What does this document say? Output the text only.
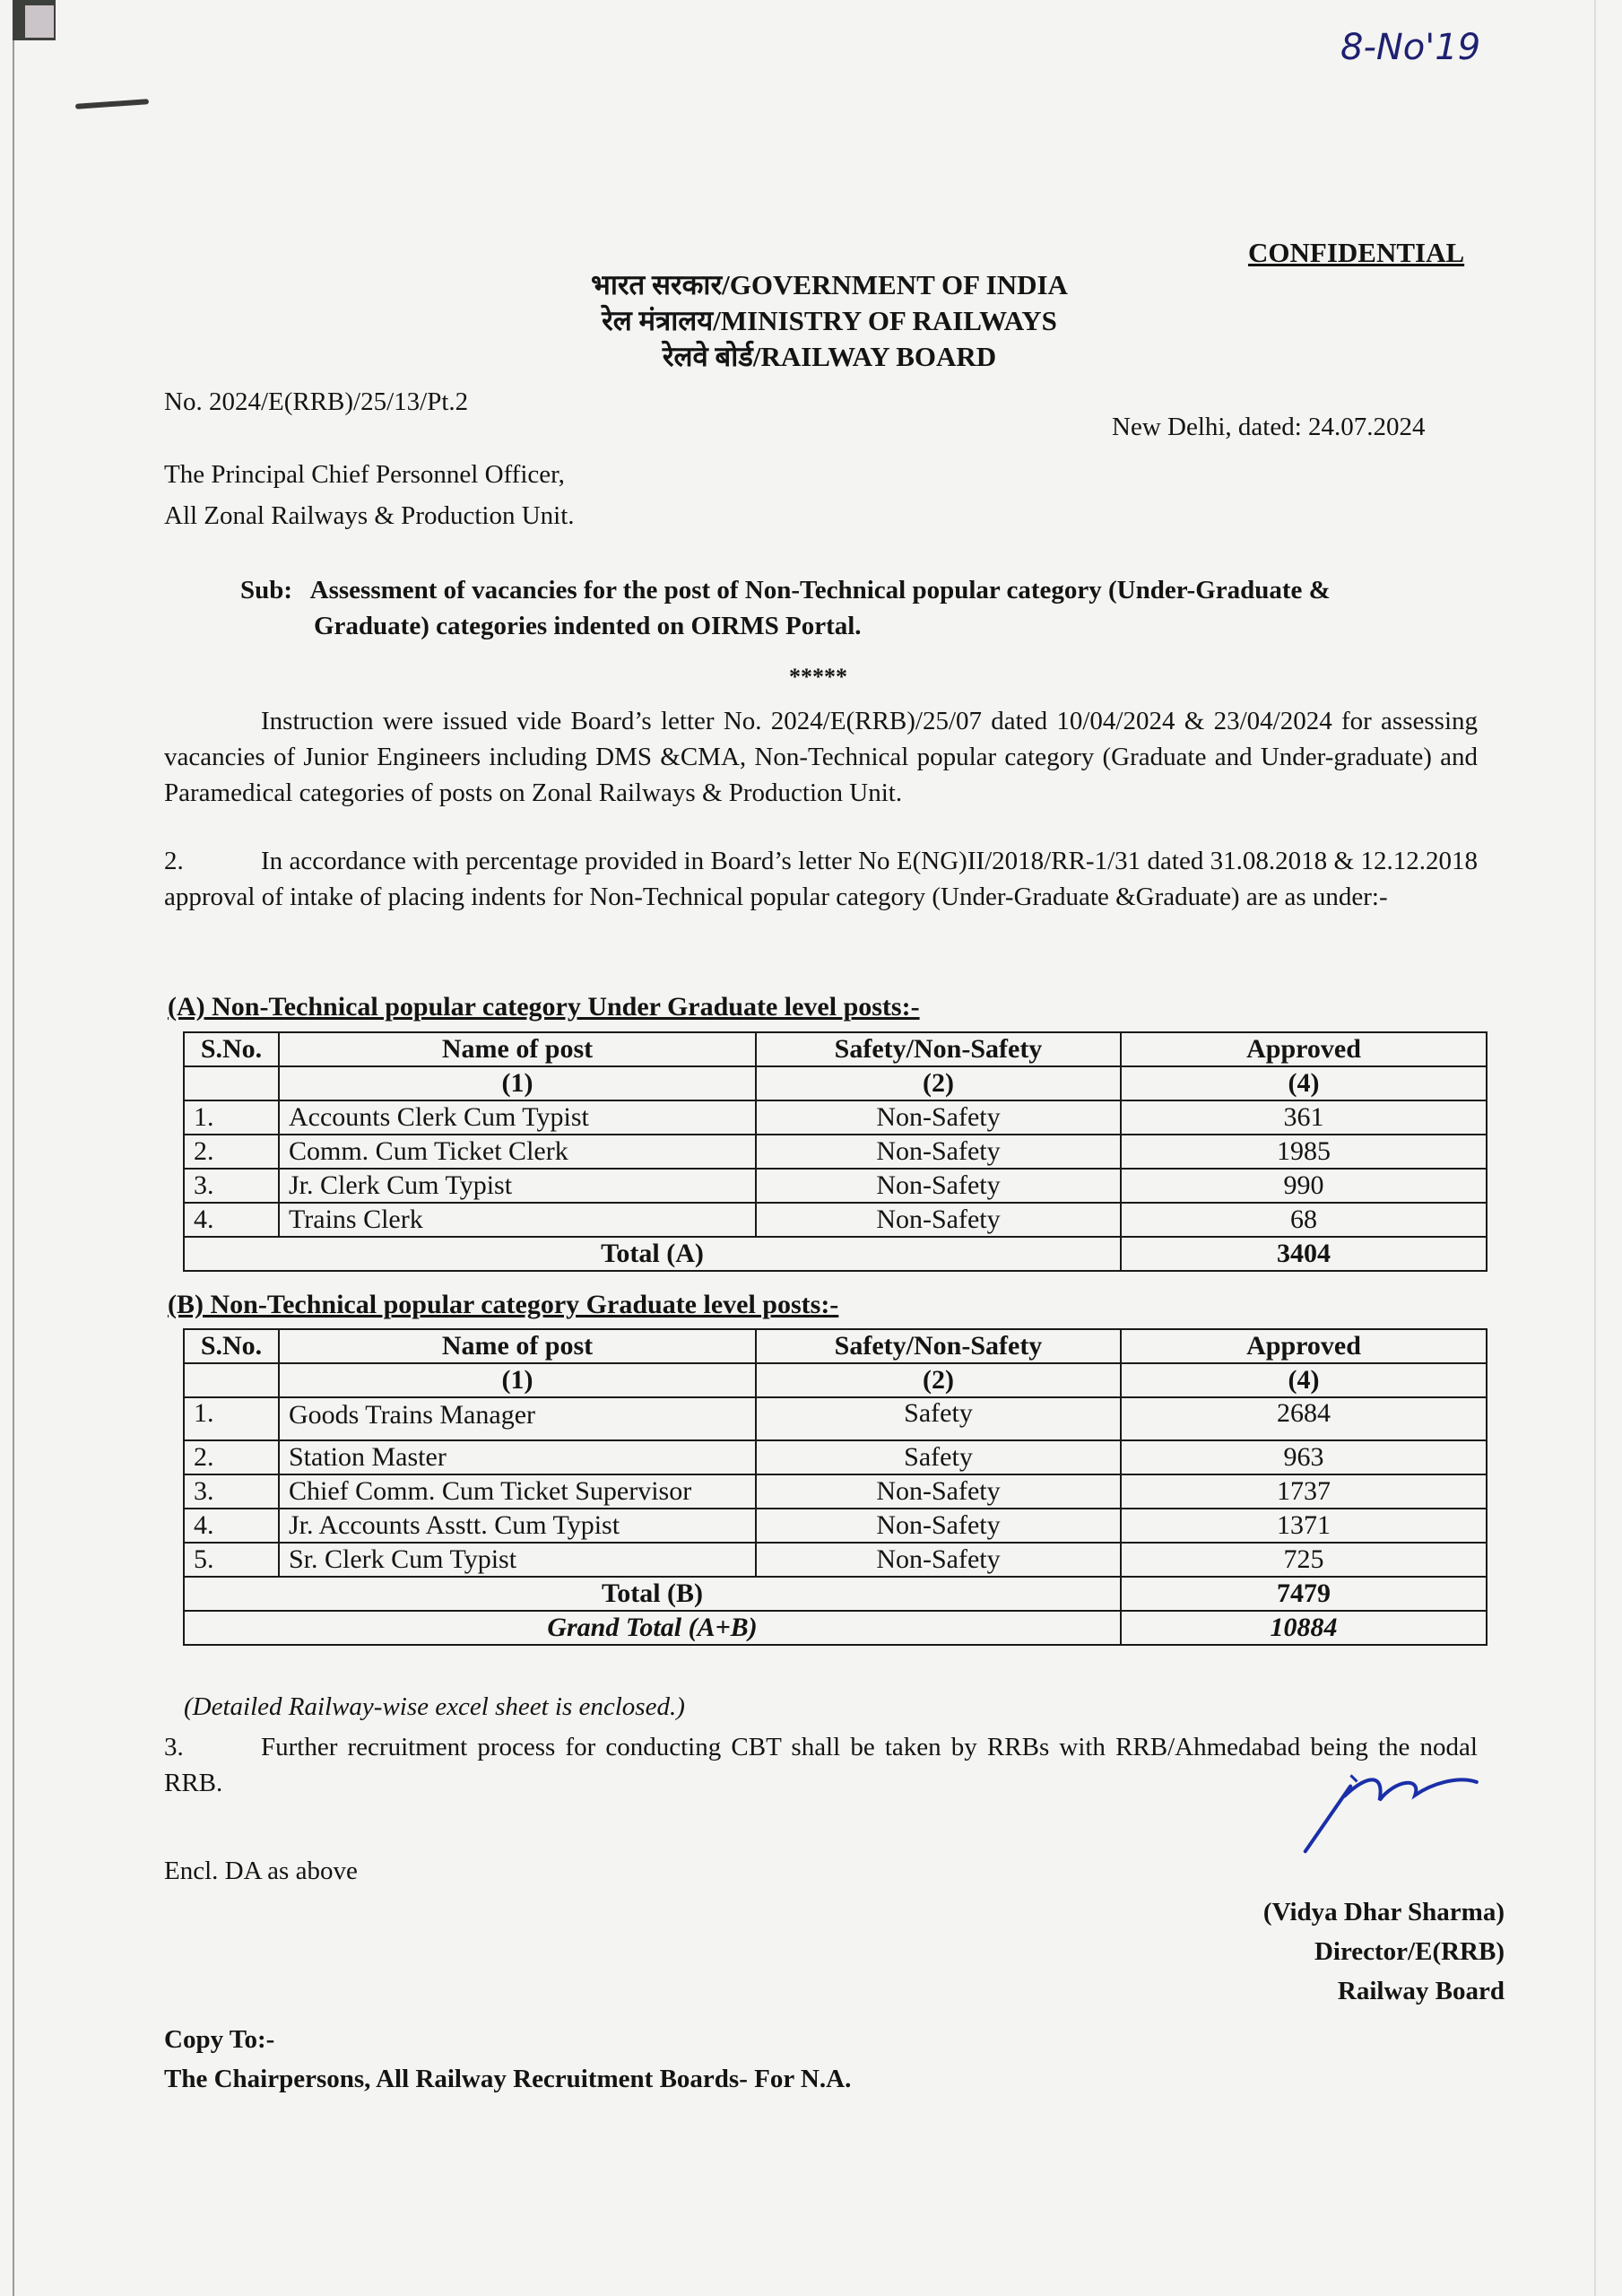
8-No'19
CONFIDENTIAL
भारत सरकार/GOVERNMENT OF INDIA
रेल मंत्रालय/MINISTRY OF RAILWAYS
रेलवे बोर्ड/RAILWAY BOARD
No. 2024/E(RRB)/25/13/Pt.2
New Delhi, dated: 24.07.2024
The Principal Chief Personnel Officer,
All Zonal Railways & Production Unit.
Sub: Assessment of vacancies for the post of Non-Technical popular category (Under-Graduate &
Graduate) categories indented on OIRMS Portal.
*****
Instruction were issued vide Board’s letter No. 2024/E(RRB)/25/07 dated 10/04/2024 & 23/04/2024 for assessing vacancies of Junior Engineers including DMS &CMA, Non-Technical popular category (Graduate and Under-graduate) and Paramedical categories of posts on Zonal Railways & Production Unit.
2.	In accordance with percentage provided in Board’s letter No E(NG)II/2018/RR-1/31 dated 31.08.2018 & 12.12.2018 approval of intake of placing indents for Non-Technical popular category (Under-Graduate &Graduate) are as under:-
(A) Non-Technical popular category Under Graduate level posts:-
S.No.	Name of post	Safety/Non-Safety	Approved
	(1)	(2)	(4)
1.	Accounts Clerk Cum Typist	Non-Safety	361
2.	Comm. Cum Ticket Clerk	Non-Safety	1985
3.	Jr. Clerk Cum Typist	Non-Safety	990
4.	Trains Clerk	Non-Safety	68
Total (A)			3404
(B) Non-Technical popular category Graduate level posts:-
S.No.	Name of post	Safety/Non-Safety	Approved
	(1)	(2)	(4)
1.	Goods Trains Manager	Safety	2684
2.	Station Master	Safety	963
3.	Chief Comm. Cum Ticket Supervisor	Non-Safety	1737
4.	Jr. Accounts Asstt. Cum Typist	Non-Safety	1371
5.	Sr. Clerk Cum Typist	Non-Safety	725
Total (B)			7479
Grand Total (A+B)			10884
(Detailed Railway-wise excel sheet is enclosed.)
3.	Further recruitment process for conducting CBT shall be taken by RRBs with RRB/Ahmedabad being the nodal RRB.
Encl. DA as above
(Vidya Dhar Sharma)
Director/E(RRB)
Railway Board
Copy To:-
The Chairpersons, All Railway Recruitment Boards- For N.A.
